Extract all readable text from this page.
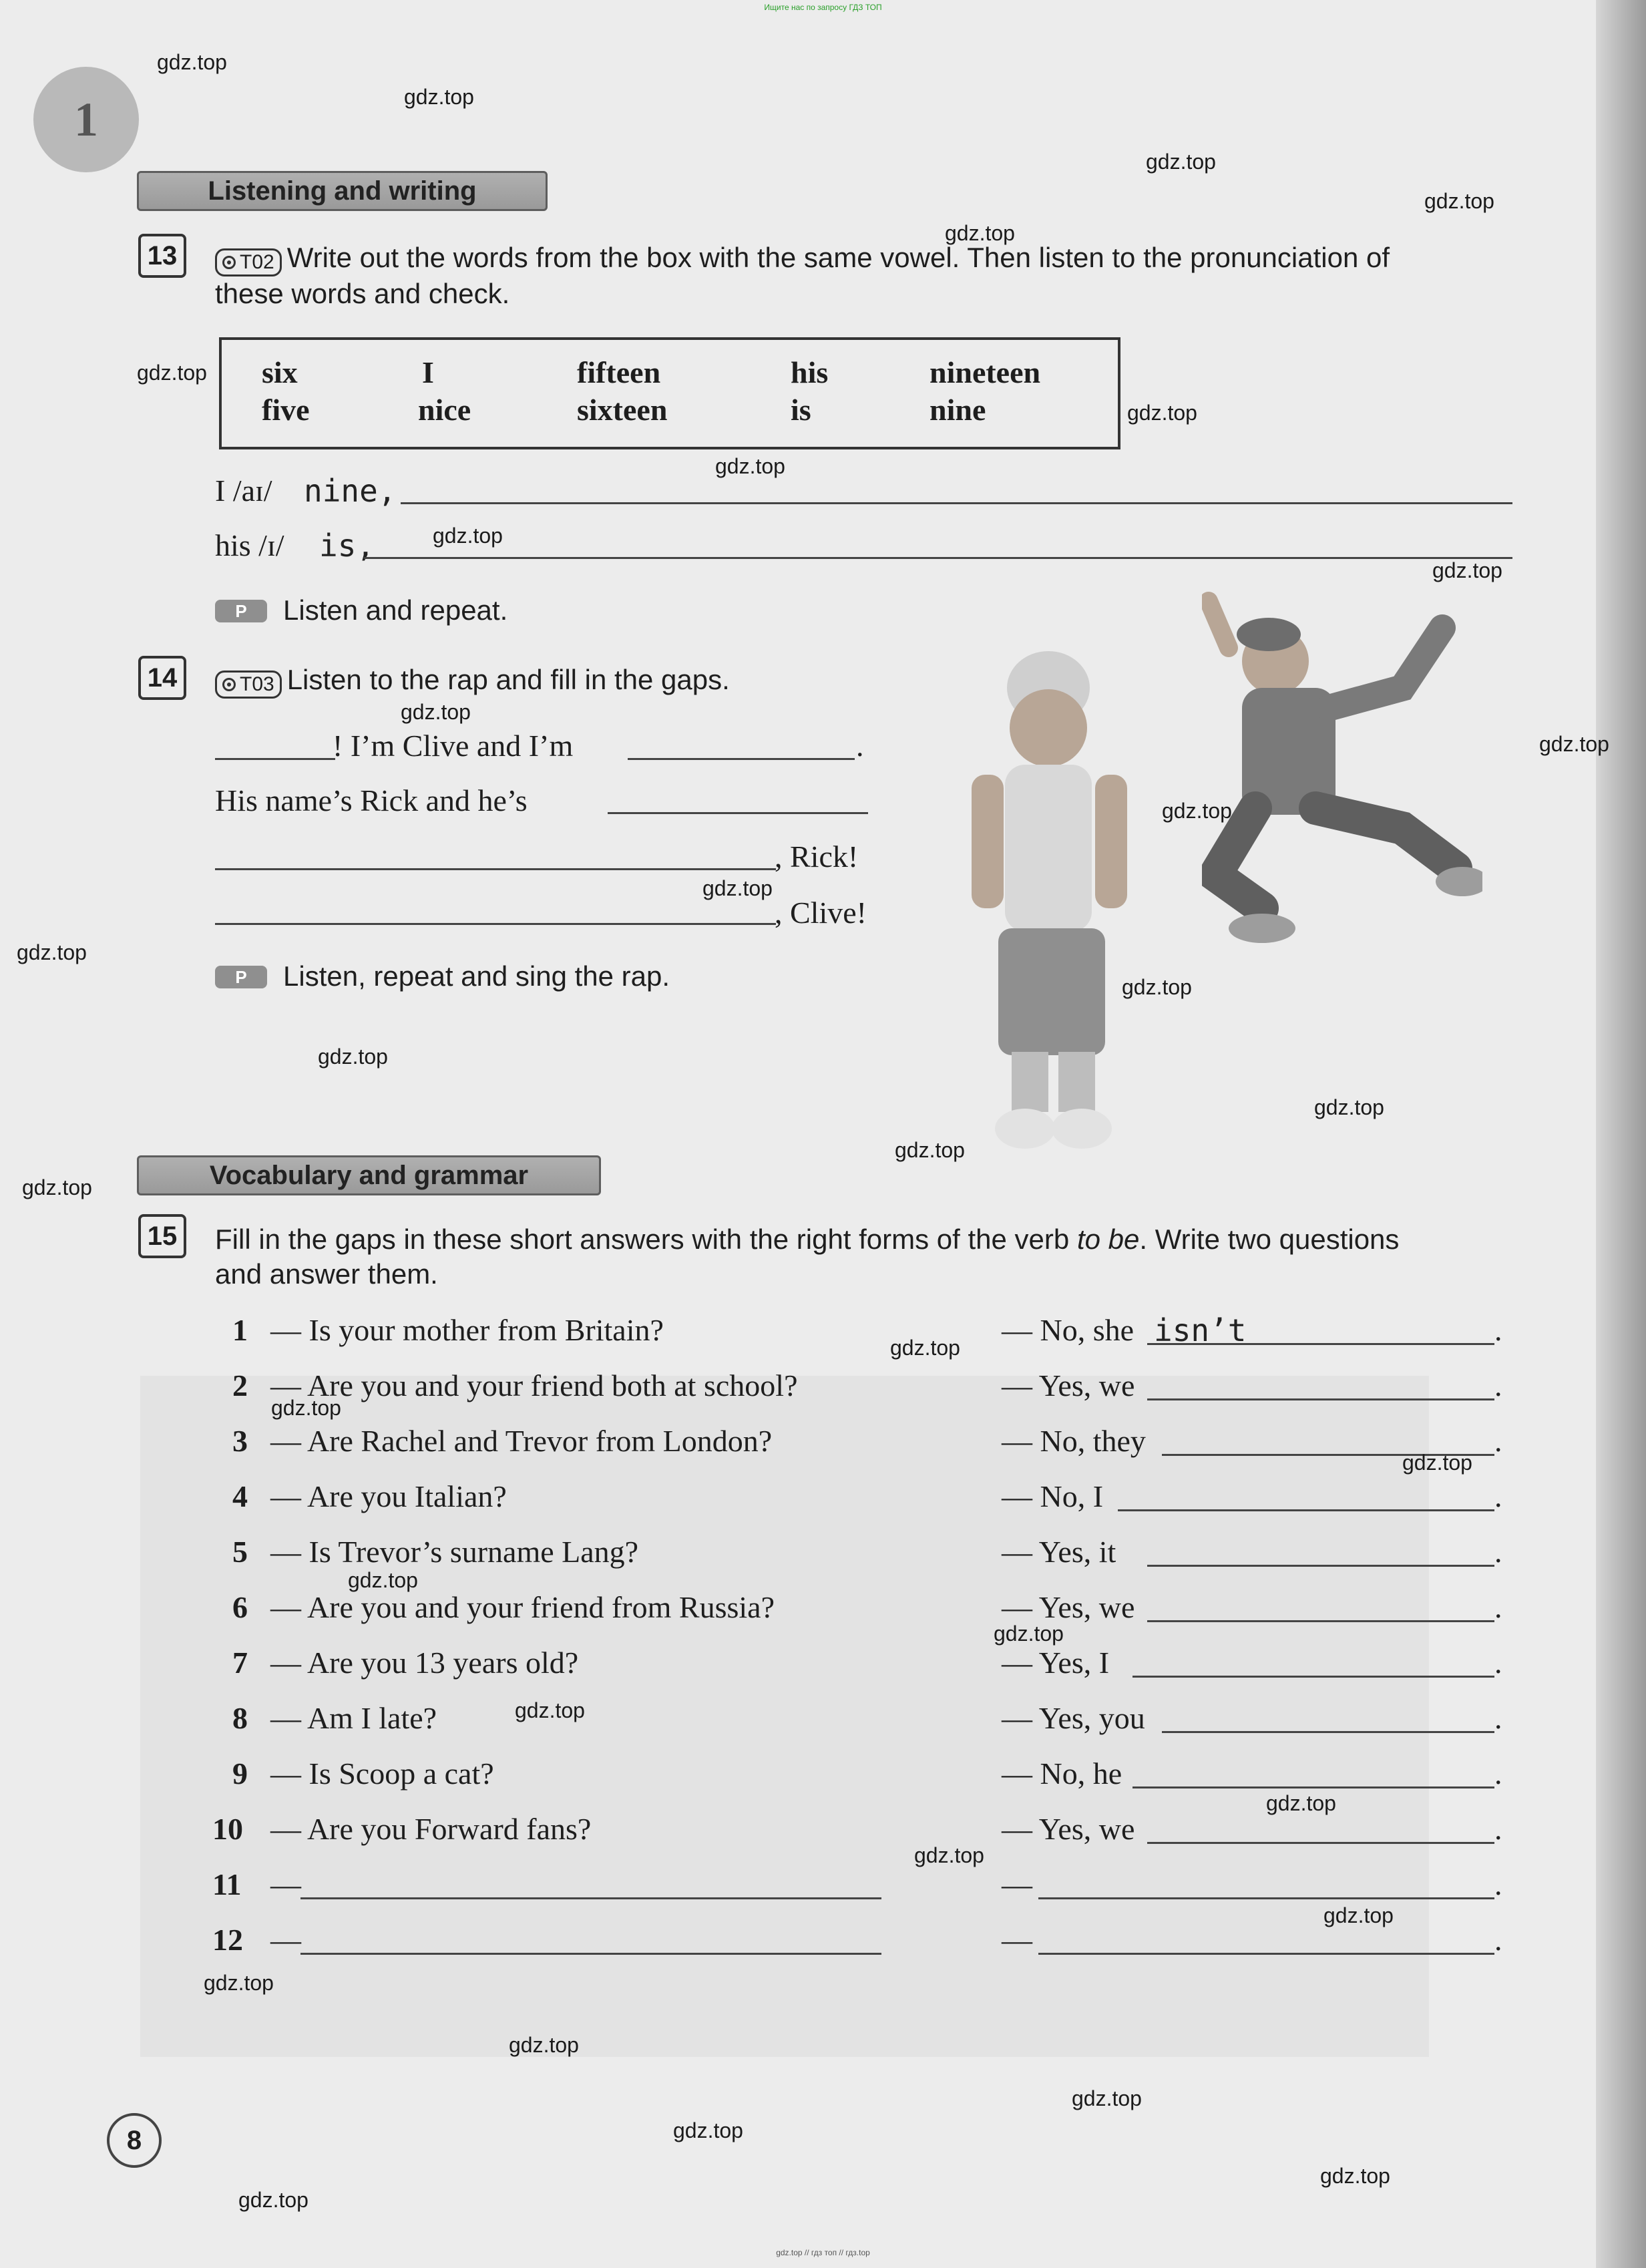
Ищите нас по запросу ГДЗ ТОП
1
Listening and writing
13	T02 Write out the words from the box with the same vowel. Then listen to the pronunciation of
these words and check.
six	I	fifteen	his	nineteen
five	nice	sixteen	is	nine
I /aɪ/ nine,
his /ɪ/ is,
P Listen and repeat.
14	T03 Listen to the rap and fill in the gaps.
! I’m Clive and I’m	.
His name’s Rick and he’s
, Rick!
, Clive!
P Listen, repeat and sing the rap.
Vocabulary and grammar
15 Fill in the gaps in these short answers with the right forms of the verb to be. Write two questions
and answer them.
1 — Is your mother from Britain?	— No, she isn’t	.
2 — Are you and your friend both at school?	— Yes, we	.
3 — Are Rachel and Trevor from London?	— No, they	.
4 — Are you Italian?	— No, I	.
5 — Is Trevor’s surname Lang?	— Yes, it	.
6 — Are you and your friend from Russia?	— Yes, we	.
7 — Are you 13 years old?	— Yes, I	.
8 — Am I late?	— Yes, you	.
9 — Is Scoop a cat?	— No, he	.
10 — Are you Forward fans?	— Yes, we	.
11 —	—	.
12 —	—	.
8
gdz.top // гдз топ // гдз.top
gdz.top
gdz.top
gdz.top
gdz.top
gdz.top
gdz.top
gdz.top
gdz.top
gdz.top
gdz.top
gdz.top
gdz.top
gdz.top
gdz.top
gdz.top
gdz.top
gdz.top
gdz.top
gdz.top
gdz.top
gdz.top
gdz.top
gdz.top
gdz.top
gdz.top
gdz.top
gdz.top
gdz.top
gdz.top
gdz.top
gdz.top
gdz.top
gdz.top
gdz.top
gdz.top
